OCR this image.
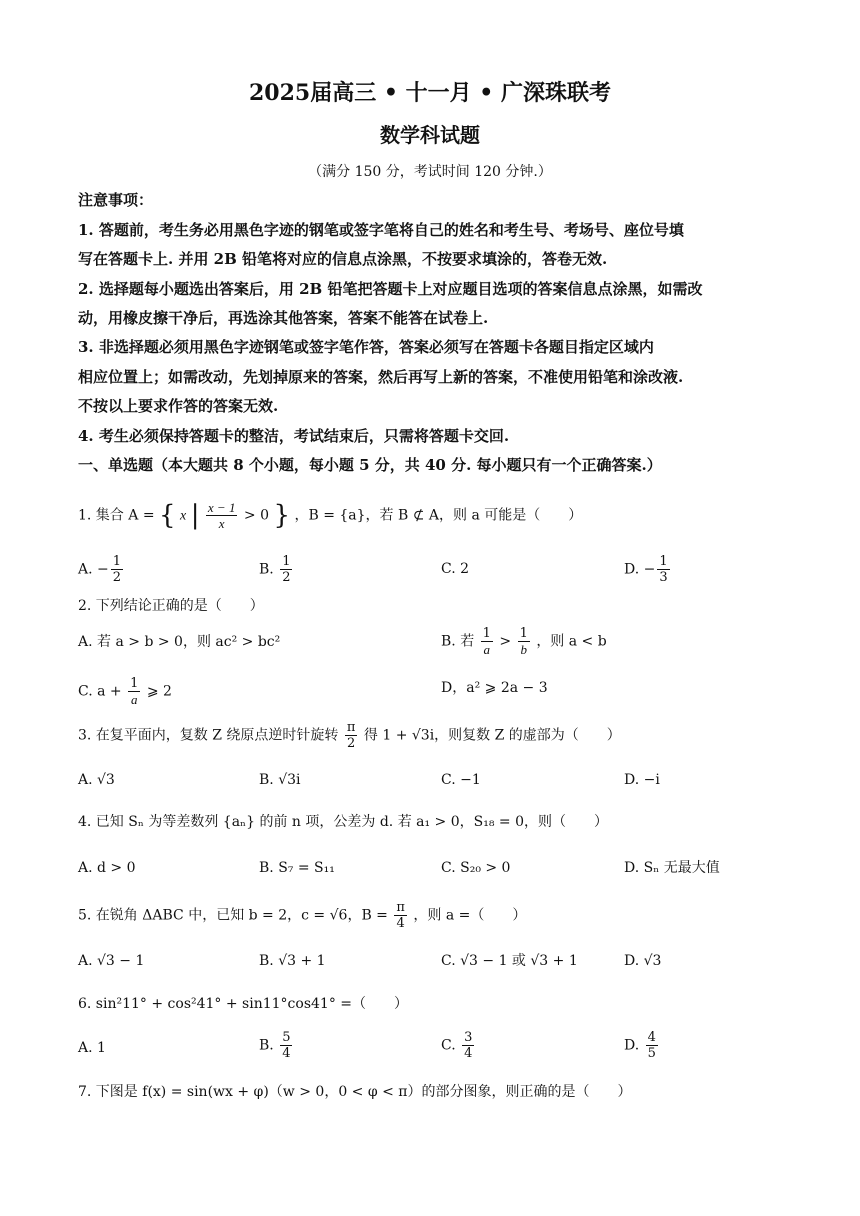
2025届高三 • 十一月 • 广深珠联考
数学科试题
（满分 150 分，考试时间 120 分钟.）
注意事项：
1. 答题前，考生务必用黑色字迹的钢笔或签字笔将自己的姓名和考生号、考场号、座位号填
写在答题卡上. 并用 2B 铅笔将对应的信息点涂黑，不按要求填涂的，答卷无效.
2. 选择题每小题选出答案后，用 2B 铅笔把答题卡上对应题目选项的答案信息点涂黑，如需改
动，用橡皮擦干净后，再选涂其他答案，答案不能答在试卷上.
3. 非选择题必须用黑色字迹钢笔或签字笔作答，答案必须写在答题卡各题目指定区域内
相应位置上；如需改动，先划掉原来的答案，然后再写上新的答案，不准使用铅笔和涂改液.
不按以上要求作答的答案无效.
4. 考生必须保持答题卡的整洁，考试结束后，只需将答题卡交回.
一、单选题（本大题共 8 个小题，每小题 5 分，共 40 分. 每小题只有一个正确答案.）
1. 集合 A = { x | $\frac{x - 1}{x} > 0$ } ，B = {a}，若 B ⊄ A，则 a 可能是（　　）
A. − $\frac{1}{2}$	B. $\frac{1}{2}$	C. 2	D. − $\frac{1}{3}$
2. 下列结论正确的是（　　）
A. 若 a > b > 0，则 ac² > bc²	B. 若 $\frac{1}{a} > \frac{1}{b}$ ，则 a < b
C. $a + \frac{1}{a}$ ⩾ 2	D，a² ⩾ 2a − 3
3. 在复平面内，复数 Z 绕原点逆时针旋转 $\frac{\pi}{2}$ 得 1 + √3i，则复数 Z 的虚部为（　　）
A. √3	B. √3i	C. −1	D. −i
4. 已知 Sₙ 为等差数列 {aₙ} 的前 n 项，公差为 d. 若 a₁ > 0，S₁₈ = 0，则（　　）
A. d > 0	B. S₇ = S₁₁	C. S₂₀ > 0	D. Sₙ 无最大值
5. 在锐角 ΔABC 中，已知 b = 2，c = √6，$B = \frac{\pi}{4}$ ，则 a =（　　）
A. √3 − 1	B. √3 + 1	C. √3 − 1 或 √3 + 1	D. √3
6. sin²11° + cos²41° + sin11°cos41° =（　　）
A. 1	B. $\frac{5}{4}$	C. $\frac{3}{4}$	D. $\frac{4}{5}$
7. 下图是 f(x) = sin(wx + φ)（w > 0，0 < φ < π）的部分图象，则正确的是（　　）
